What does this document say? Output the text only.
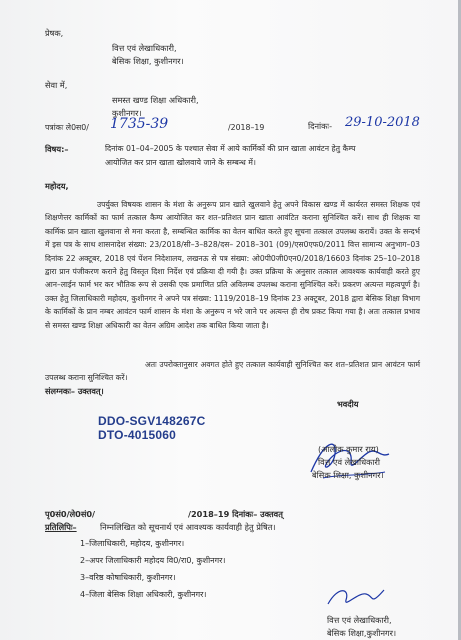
प्रेषक,
वित्त एवं लेखाधिकारी,
बेसिक शिक्षा, कुशीनगर।
सेवा में,
समस्त खण्ड शिक्षा अधिकारी,
कुशीनगर।
पत्रांकः ले0स0/ 1735-39	/2018–19	दिनांकः- 29-10-2018
विषय:–	दिनांक 01–04–2005 के पश्चात सेवा में आये कार्मिकों की प्रान खाता आवंटन हेतु कैम्प
आयोजित कर प्रान खाता खोलवाये जाने के सम्बन्ध में।
महोदय,
उपर्युक्त विषयक शासन के मंशा के अनुरूप प्रान खाते खुलवाने हेतु अपने विकास खण्ड में कार्यरत समस्त शिक्षक एवं शिक्षणेत्तर कार्मिकों का फार्म तत्काल कैम्प आयोजित कर शत–प्रतिशत प्रान खाता आवंटित कराना सुनिश्चित करें। साथ ही शिक्षक या कार्मिक प्रान खाता खुलवाना से मना करता है, सम्बन्धित कार्मिक का वेतन बाधित करते हुए सूचना तत्काल उपलब्ध करायें। उक्त के सन्दर्भ में इस पत्र के साथ शासनादेश संख्या: 23/2018/सी–3–828/दस– 2018–301 (09)/एस0एफ0/2011 वित्त सामान्य अनुभाग–03 दिनांक 22 अक्टूबर, 2018 एवं पेंशन निदेशालय, लखनऊ से पत्र संख्या: ओ0पी0जी0एन0/2018/16603 दिनांक 25–10–2018 द्वारा प्रान पंजीकरण कराने हेतु विस्तृत दिशा निर्देश एवं प्रक्रिया दी गयी है। उक्त प्रक्रिया के अनुसार तत्काल आवश्यक कार्यवाही करते हुए आन–लाईन फार्म भर कर भौतिक रूप से उसकी एक प्रमाणित प्रति अविलम्ब उपलब्ध कराना सुनिश्चित करें। प्रकरण अत्यन्त महत्वपूर्ण है। उक्त हेतु जिलाधिकारी महोदय, कुशीनगर ने अपने पत्र संख्या: 1119/2018–19 दिनांक 23 अक्टूबर, 2018 द्वारा बेसिक शिक्षा विभाग के कार्मिकों के प्रान नम्बर आवंटन फार्म शासन के मंशा के अनुरूप न भरे जाने पर अत्यन्त ही रोष प्रकट किया गया है। अतः तत्काल प्रभाव से समस्त खण्ड शिक्षा अधिकारी का वेतन अग्रिम आदेश तक बाधित किया जाता है।
अतः उपरोक्तानुसार अवगत होते हुए तत्काल कार्यवाही सुनिश्चित कर शत–प्रतिशत प्रान आवंटन फार्म उपलब्ध कराना सुनिश्चित करें।
संलग्नकः– उक्तवत्।
भवदीय
(आलोक कुमार राय)
वित्त एवं लेखाधिकारी
बेसिक शिक्षा, कुशीनगर।
DDO-SGV148267C
DTO-4015060
पृ0सं0/ले0सं0/	/2018–19 दिनांकः– उक्तवत्
प्रतिलिपिः–	निम्नलिखित को सूचनार्थ एवं आवश्यक कार्यवाही हेतु प्रेषित।
1–जिलाधिकारी, महोदय, कुशीनगर।
2–अपर जिलाधिकारी महोदय वि0/रा0, कुशीनगर।
3–वरिष्ठ कोषाधिकारी, कुशीनगर।
4–जिला बेसिक शिक्षा अधिकारी, कुशीनगर।
वित्त एवं लेखाधिकारी,
बेसिक शिक्षा,कुशीनगर।
